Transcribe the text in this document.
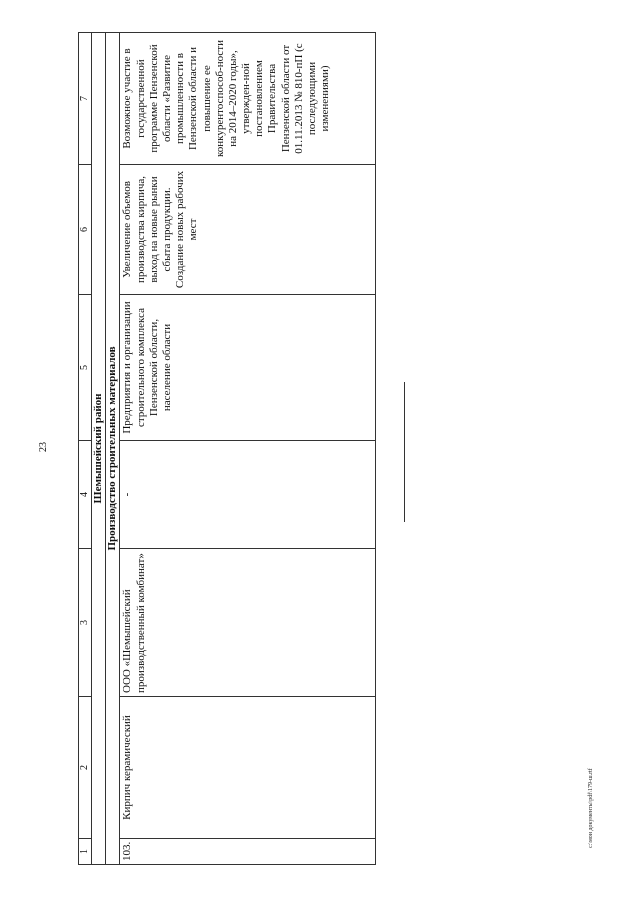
23
1	2	3	4	5	6	7
Шемышейский район						
Производство строительных материалов						
103.	Кирпич керамический	ООО «Шемышейский производственный комбинат»	-	Предприятия и организации строительного комплекса Пензенской области, население области	Увеличение объемов производства кирпича, выход на новые рынки сбыта продукции. Создание новых рабочих мест	Возможное участие в государственной программе Пензенской области «Развитие промышленности в Пензенской области и повышение ее конкурентоспособ-ности на 2014–2020 годы», утвержден-ной постановлением Правительства Пензенской области от 01.11.2013 № 810-пП (с последующими изменениями)
c:\мои документы\pdf\179-ш.rtf
